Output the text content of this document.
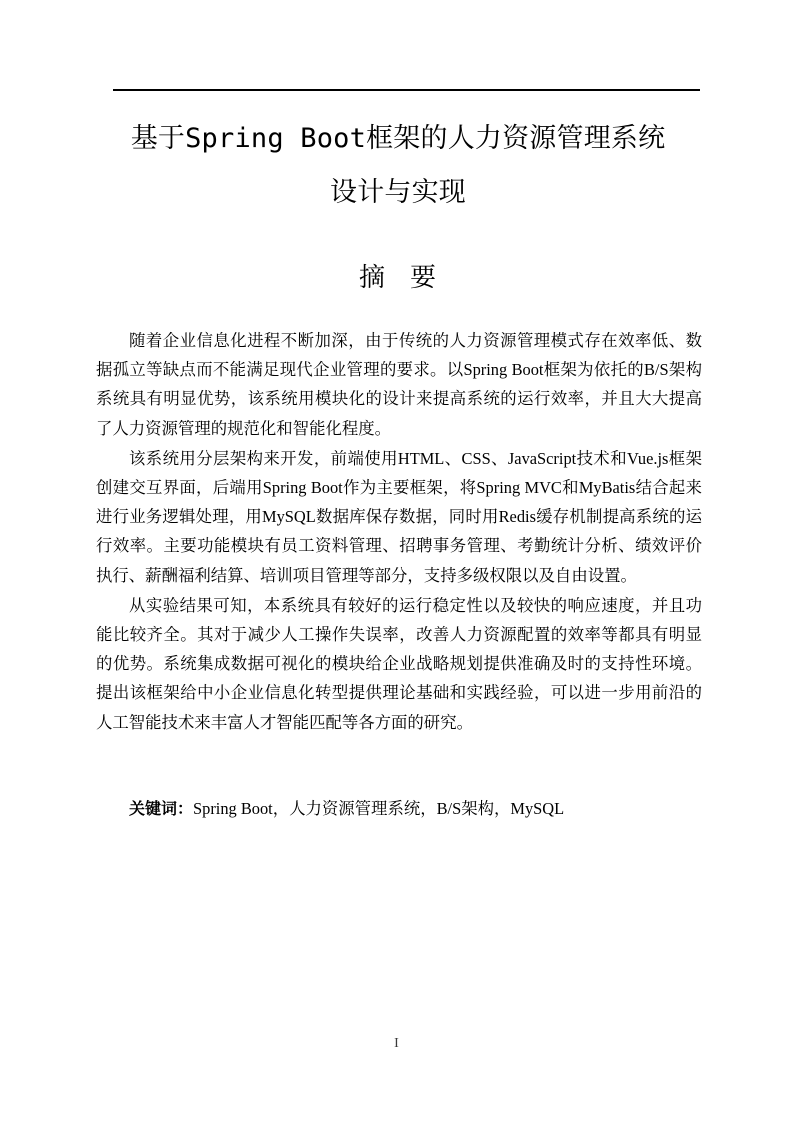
基于Spring Boot框架的人力资源管理系统
设计与实现
摘 要

随着企业信息化进程不断加深，由于传统的人力资源管理模式存在效率低、数据孤立等缺点而不能满足现代企业管理的要求。以Spring Boot框架为依托的B/S架构系统具有明显优势，该系统用模块化的设计来提高系统的运行效率，并且大大提高了人力资源管理的规范化和智能化程度。

该系统用分层架构来开发，前端使用HTML、CSS、JavaScript技术和Vue.js框架创建交互界面，后端用Spring Boot作为主要框架，将Spring MVC和MyBatis结合起来进行业务逻辑处理，用MySQL数据库保存数据，同时用Redis缓存机制提高系统的运行效率。主要功能模块有员工资料管理、招聘事务管理、考勤统计分析、绩效评价执行、薪酬福利结算、培训项目管理等部分，支持多级权限以及自由设置。

从实验结果可知，本系统具有较好的运行稳定性以及较快的响应速度，并且功能比较齐全。其对于减少人工操作失误率，改善人力资源配置的效率等都具有明显的优势。系统集成数据可视化的模块给企业战略规划提供准确及时的支持性环境。提出该框架给中小企业信息化转型提供理论基础和实践经验，可以进一步用前沿的人工智能技术来丰富人才智能匹配等各方面的研究。

关键词：Spring Boot，人力资源管理系统，B/S架构，MySQL
I
